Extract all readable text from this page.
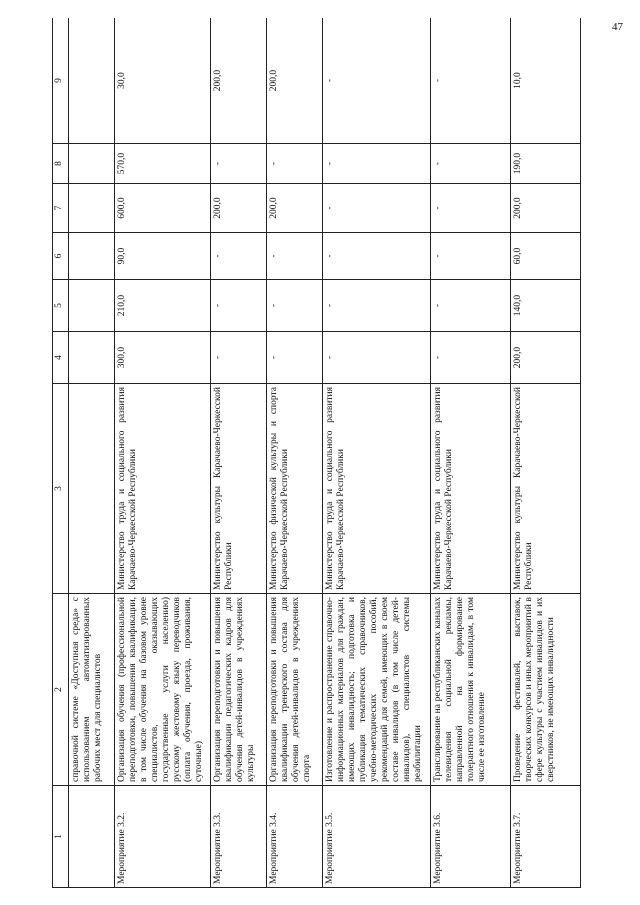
47
1	2	3	4	5	6	7	8	9
	справочной системе «Доступная среда» с использованием автоматизированных рабочих мест для специалистов							
Мероприятие 3.2.	Организация обучения (профессиональной переподготовки, повышения квалификации, в том числе обучения на базовом уровне специалистов, оказывающих государственные услуги населению) русскому жестовому языку переводчиков (оплата обучения, проезда, проживания, суточные)	Министерство труда и социального развития Карачаево-Черкесской Республики	300,0	210,0	90,0	600,0	570,0	30,0
Мероприятие 3.3.	Организация переподготовки и повышения квалификации педагогических кадров для обучения детей-инвалидов в учреждениях культуры	Министерство культуры Карачаево-Черкесской Республики	-	-	-	200,0	-	200,0
Мероприятие 3.4.	Организация переподготовки и повышения квалификации тренерского состава для обучения детей-инвалидов в учреждениях спорта	Министерство физической культуры и спорта Карачаево-Черкесской Республики	-	-	-	200,0	-	200,0
Мероприятие 3.5.	Изготовление и распространение справочно-информационных материалов для граждан, имеющих инвалидность; подготовка и публикация тематических справочников, учебно-методических пособий, рекомендаций для семей, имеющих в своем составе инвалидов (в том числе детей-инвалидов), специалистов системы реабилитации	Министерство труда и социального развития Карачаево-Черкесской Республики	-	-	-	-	-	-
Мероприятие 3.6.	Транслирование на республиканских каналах телевидения социальной рекламы, направленной на формирование толерантного отношения к инвалидам, в том числе ее изготовление	Министерство труда и социального развития Карачаево-Черкесской Республики	-	-	-	-	-	-
Мероприятие 3.7.	Проведение фестивалей, выставок, творческих конкурсов и иных мероприятий в сфере культуры с участием инвалидов и их сверстников, не имеющих инвалидности	Министерство культуры Карачаево-Черкесской Республики	200,0	140,0	60,0	200,0	190,0	10,0
